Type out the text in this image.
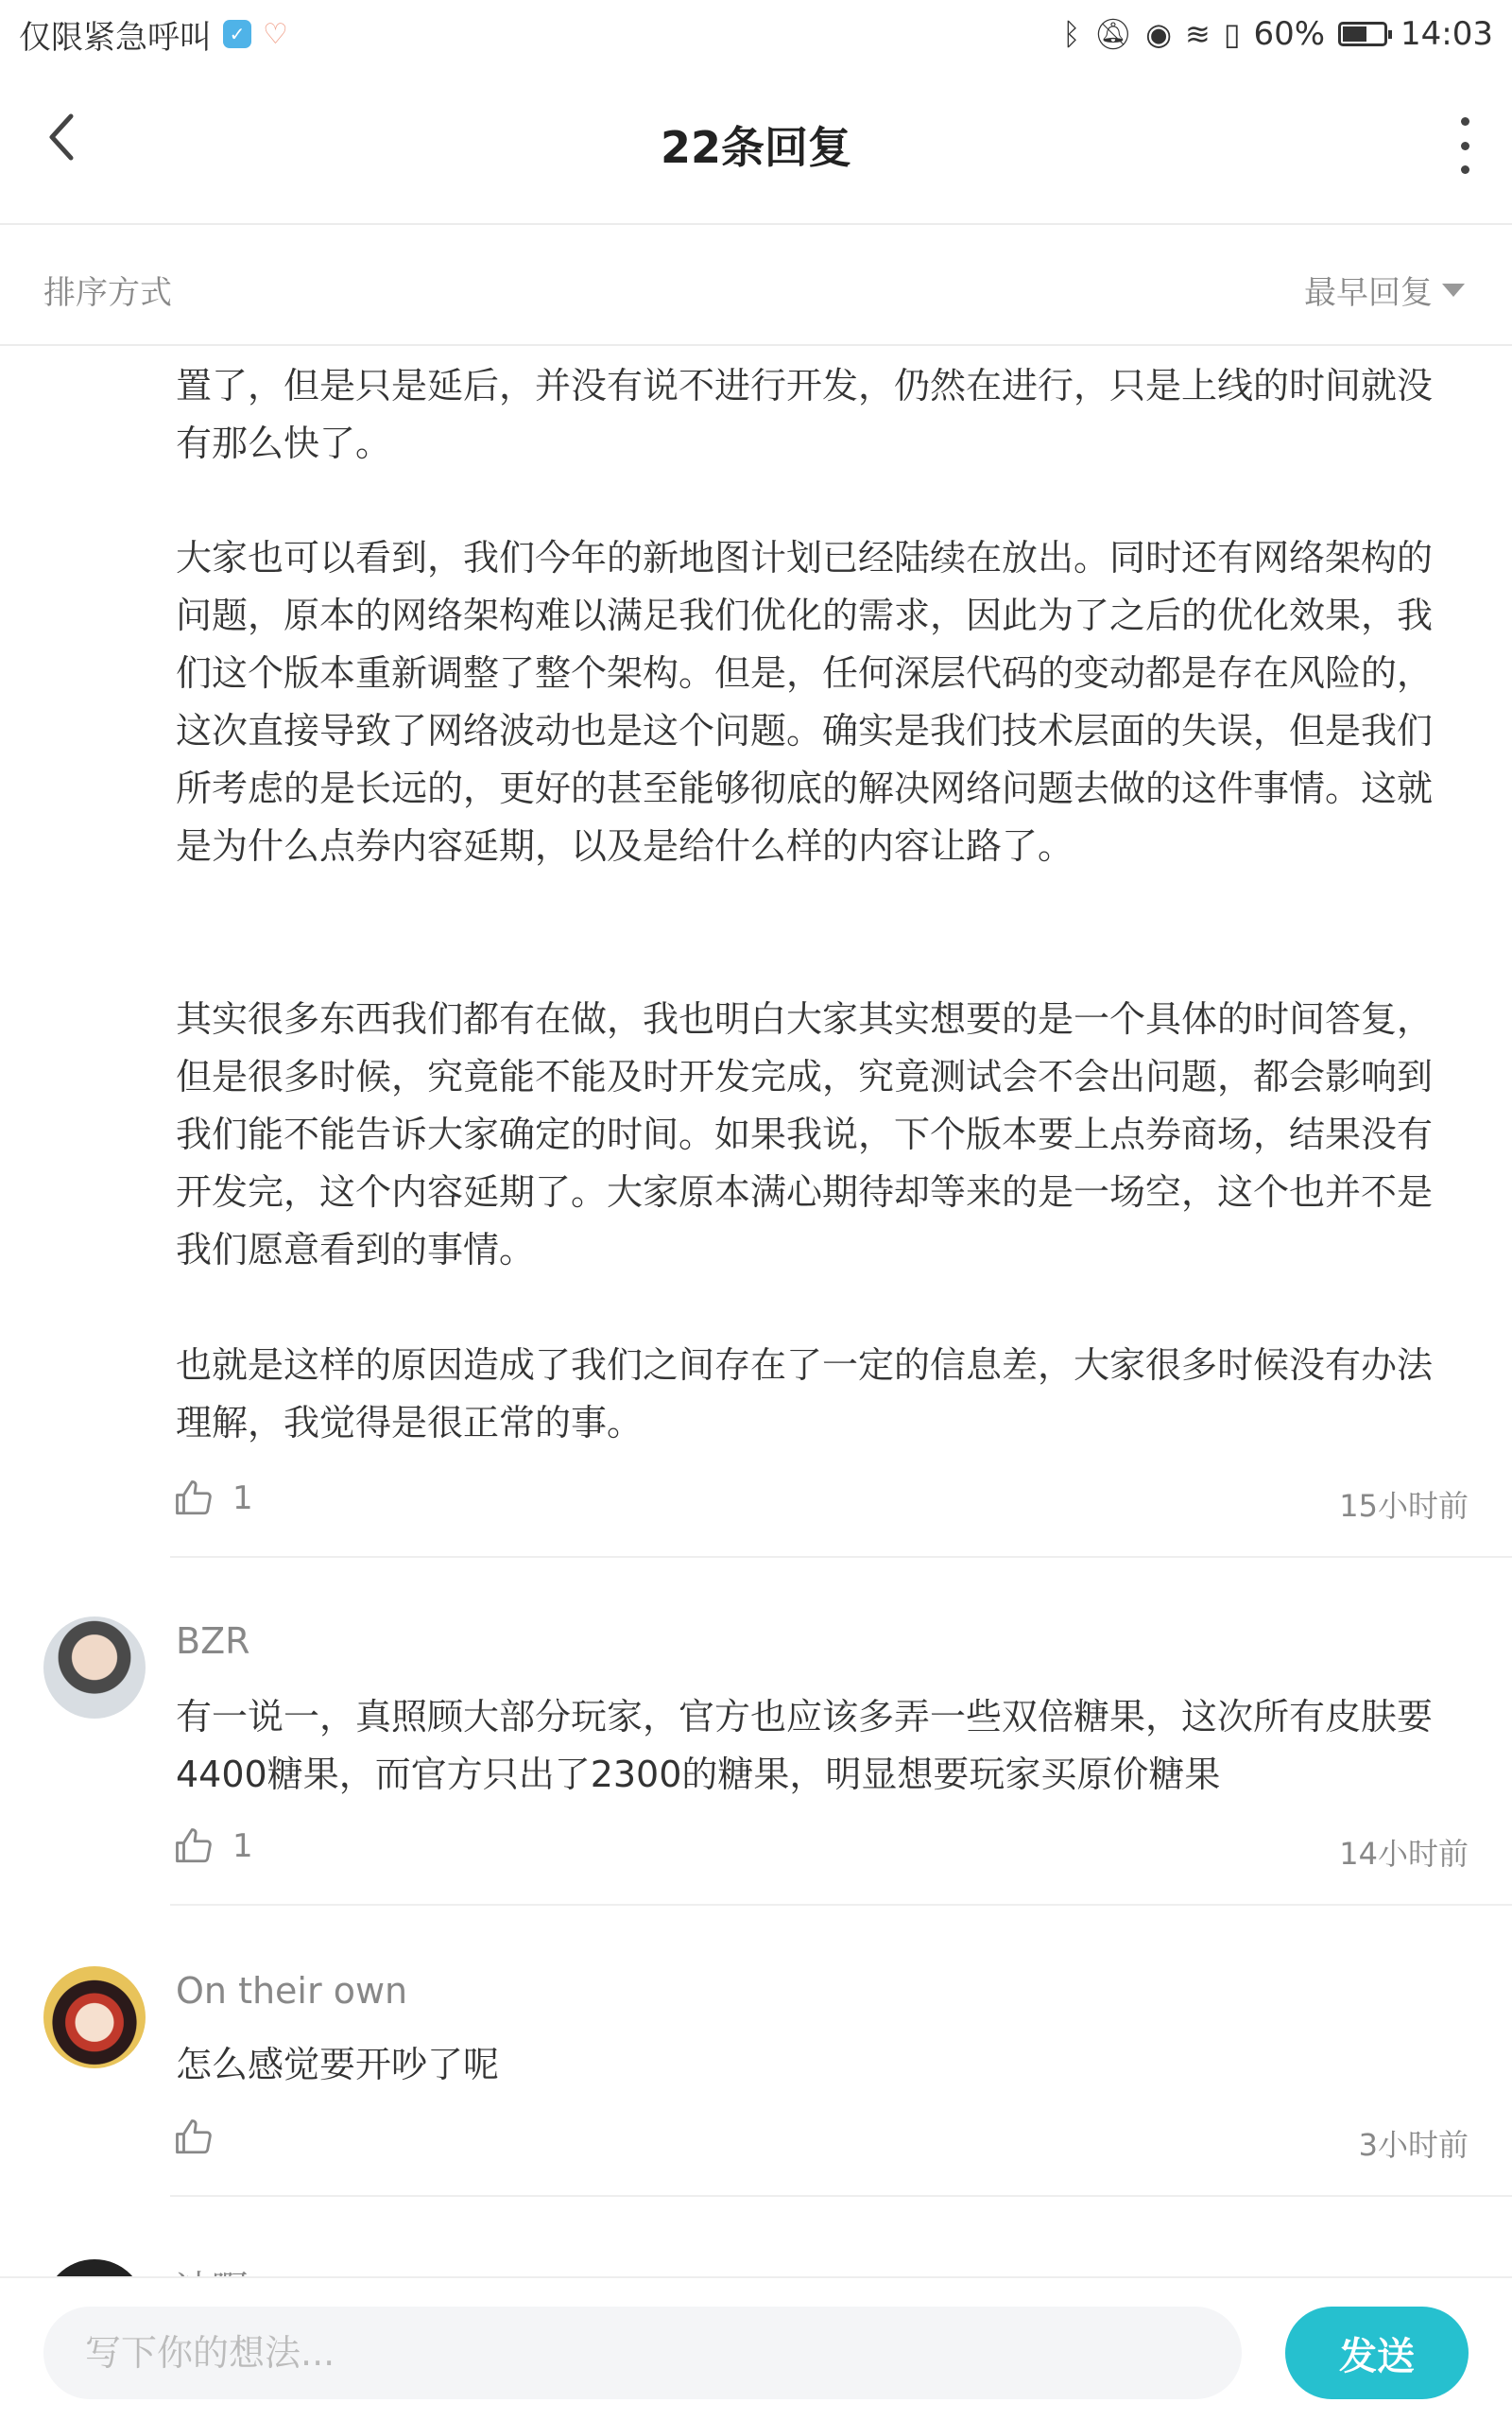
仅限紧急呼叫 ✓ ♡	ᛒ 🔕︎ ◉ ≋ ▯ 60% 14:03
22条回复
排序方式	最早回复
置了，但是只是延后，并没有说不进行开发，仍然在进行，只是上线的时间就没有那么快了。
大家也可以看到，我们今年的新地图计划已经陆续在放出。同时还有网络架构的问题，原本的网络架构难以满足我们优化的需求，因此为了之后的优化效果，我们这个版本重新调整了整个架构。但是，任何深层代码的变动都是存在风险的，这次直接导致了网络波动也是这个问题。确实是我们技术层面的失误，但是我们所考虑的是长远的，更好的甚至能够彻底的解决网络问题去做的这件事情。这就是为什么点券内容延期，以及是给什么样的内容让路了。
其实很多东西我们都有在做，我也明白大家其实想要的是一个具体的时间答复，但是很多时候，究竟能不能及时开发完成，究竟测试会不会出问题，都会影响到我们能不能告诉大家确定的时间。如果我说，下个版本要上点券商场，结果没有开发完，这个内容延期了。大家原本满心期待却等来的是一场空，这个也并不是我们愿意看到的事情。
也就是这样的原因造成了我们之间存在了一定的信息差，大家很多时候没有办法理解，我觉得是很正常的事。
1	15小时前
BZR
有一说一，真照顾大部分玩家，官方也应该多弄一些双倍糖果，这次所有皮肤要4400糖果，而官方只出了2300的糖果，明显想要玩家买原价糖果
1	14小时前
On their own
怎么感觉要开吵了呢
3小时前
写下你的想法...
发送
